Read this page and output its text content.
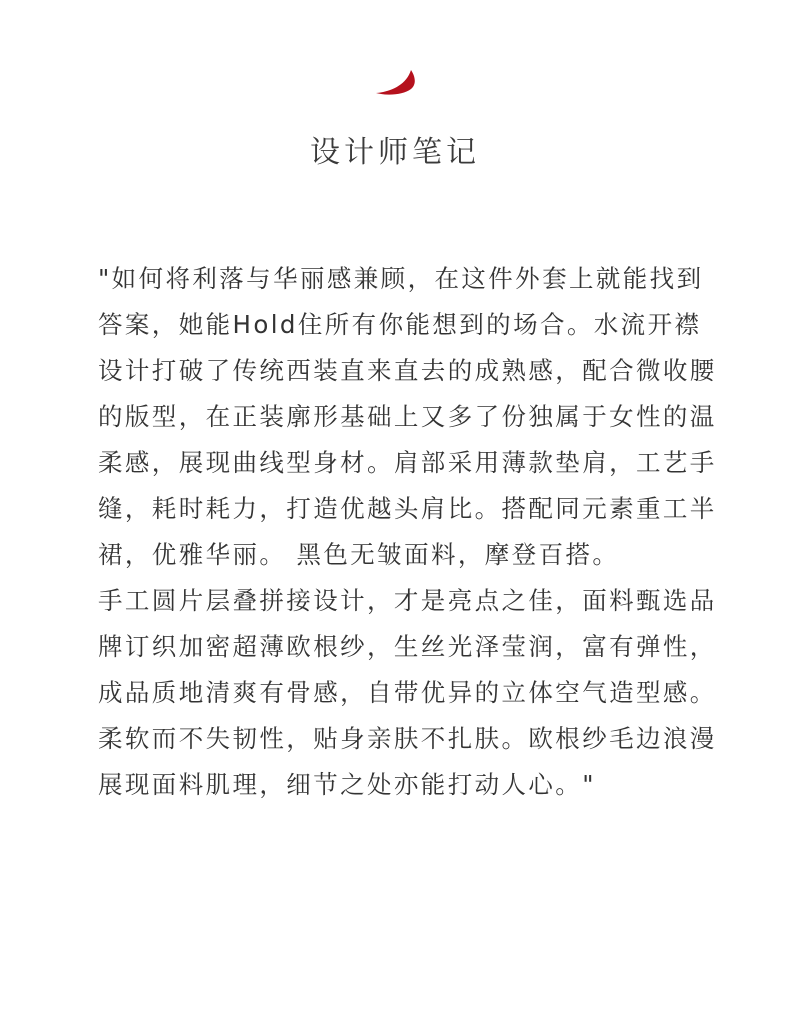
设计师笔记
"如何将利落与华丽感兼顾，在这件外套上就能找到
答案，她能Hold住所有你能想到的场合。水流开襟
设计打破了传统西装直来直去的成熟感，配合微收腰
的版型，在正装廓形基础上又多了份独属于女性的温
柔感，展现曲线型身材。肩部采用薄款垫肩，工艺手
缝，耗时耗力，打造优越头肩比。搭配同元素重工半
裙，优雅华丽。 黑色无皱面料，摩登百搭。
手工圆片层叠拼接设计，才是亮点之佳，面料甄选品
牌订织加密超薄欧根纱，生丝光泽莹润，富有弹性，
成品质地清爽有骨感，自带优异的立体空气造型感。
柔软而不失韧性，贴身亲肤不扎肤。欧根纱毛边浪漫
展现面料肌理，细节之处亦能打动人心。"
